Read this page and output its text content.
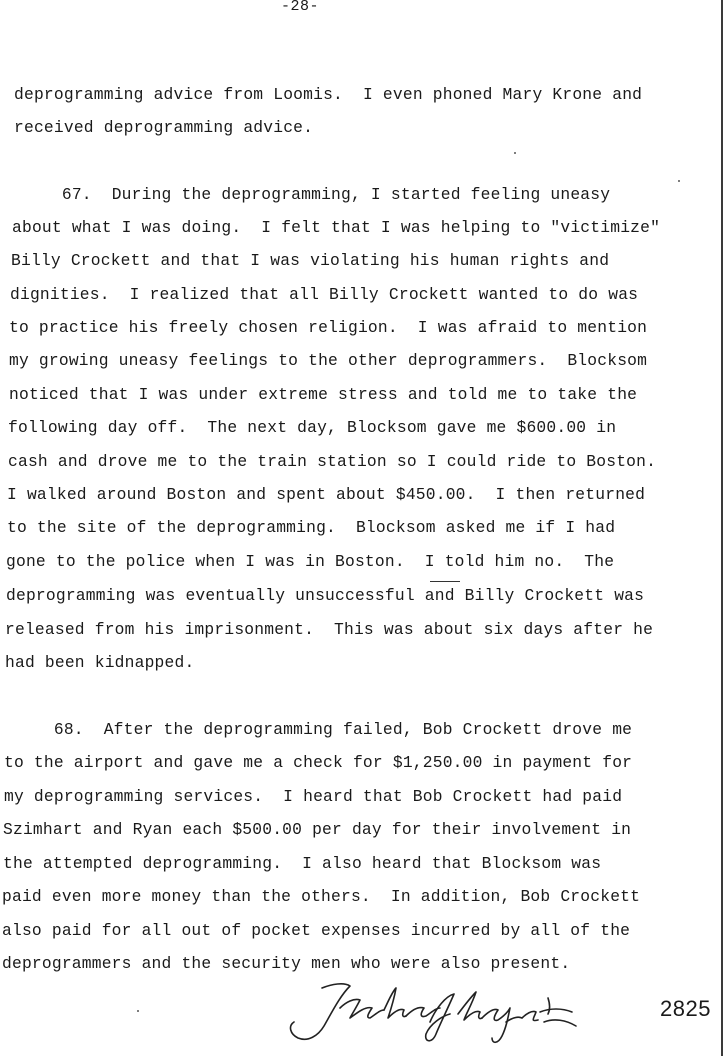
-28-
deprogramming advice from Loomis.  I even phoned Mary Krone and
received deprogramming advice.
67.  During the deprogramming, I started feeling uneasy
about what I was doing.  I felt that I was helping to "victimize"
Billy Crockett and that I was violating his human rights and
dignities.  I realized that all Billy Crockett wanted to do was
to practice his freely chosen religion.  I was afraid to mention
my growing uneasy feelings to the other deprogrammers.  Blocksom
noticed that I was under extreme stress and told me to take the
following day off.  The next day, Blocksom gave me $600.00 in
cash and drove me to the train station so I could ride to Boston.
I walked around Boston and spent about $450.00.  I then returned
to the site of the deprogramming.  Blocksom asked me if I had
gone to the police when I was in Boston.  I told him no.  The
deprogramming was eventually unsuccessful and Billy Crockett was
released from his imprisonment.  This was about six days after he
had been kidnapped.
68.  After the deprogramming failed, Bob Crockett drove me
to the airport and gave me a check for $1,250.00 in payment for
my deprogramming services.  I heard that Bob Crockett had paid
Szimhart and Ryan each $500.00 per day for their involvement in
the attempted deprogramming.  I also heard that Blocksom was
paid even more money than the others.  In addition, Bob Crockett
also paid for all out of pocket expenses incurred by all of the
deprogrammers and the security men who were also present.
2825
